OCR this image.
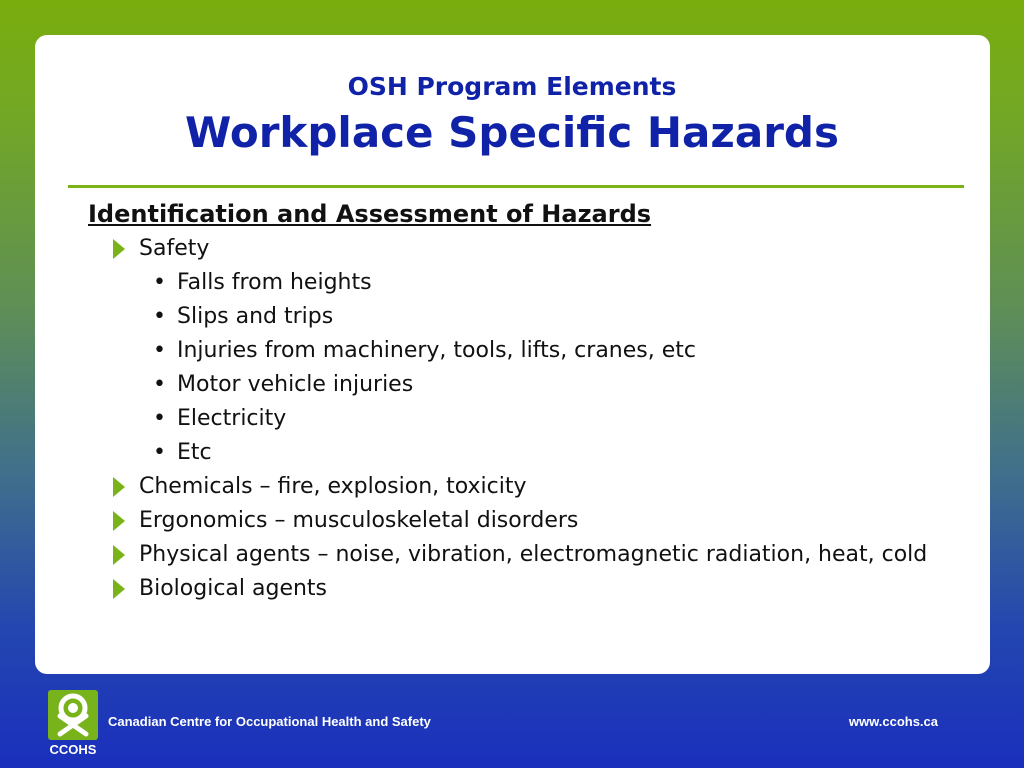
OSH Program Elements
Workplace Specific Hazards
Identification and Assessment of Hazards
Safety
• Falls from heights
• Slips and trips
• Injuries from machinery, tools, lifts, cranes, etc
• Motor vehicle injuries
• Electricity
• Etc
Chemicals – fire, explosion, toxicity
Ergonomics – musculoskeletal disorders
Physical agents – noise, vibration, electromagnetic radiation, heat, cold
Biological agents
CCOHS
Canadian Centre for Occupational Health and Safety	www.ccohs.ca
